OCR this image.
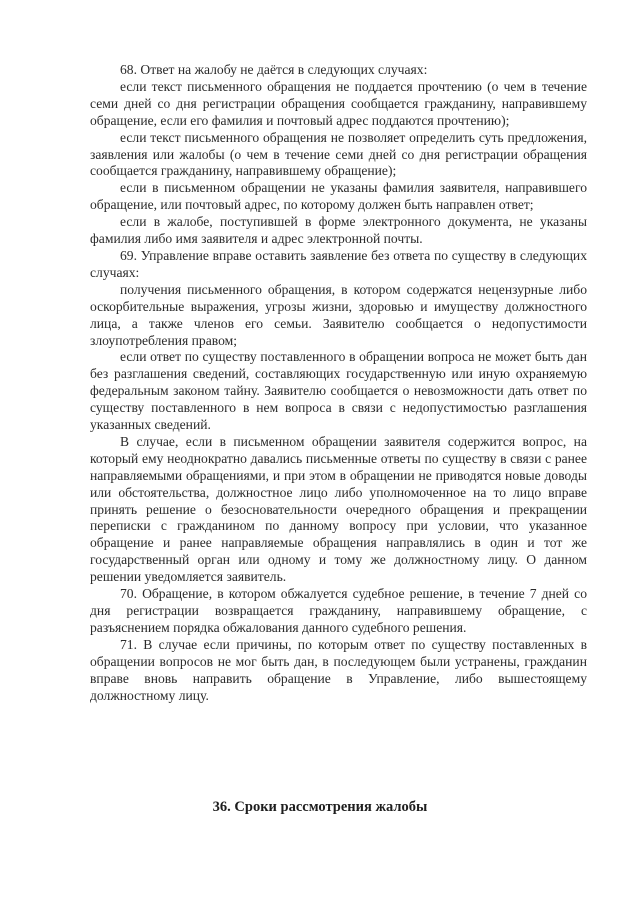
68. Ответ на жалобу не даётся в следующих случаях:

если текст письменного обращения не поддается прочтению (о чем в течение семи дней со дня регистрации обращения сообщается гражданину, направившему обращение, если его фамилия и почтовый адрес поддаются прочтению);

если текст письменного обращения не позволяет определить суть предложения, заявления или жалобы (о чем в течение семи дней со дня регистрации обращения сообщается гражданину, направившему обращение);

если в письменном обращении не указаны фамилия заявителя, направившего обращение, или почтовый адрес, по которому должен быть направлен ответ;

если в жалобе, поступившей в форме электронного документа, не указаны фамилия либо имя заявителя и адрес электронной почты.

69. Управление вправе оставить заявление без ответа по существу в следующих случаях:

получения письменного обращения, в котором содержатся нецензурные либо оскорбительные выражения, угрозы жизни, здоровью и имуществу должностного лица, а также членов его семьи. Заявителю сообщается о недопустимости злоупотребления правом;

если ответ по существу поставленного в обращении вопроса не может быть дан без разглашения сведений, составляющих государственную или иную охраняемую федеральным законом тайну. Заявителю сообщается о невозможности дать ответ по существу поставленного в нем вопроса в связи с недопустимостью разглашения указанных сведений.

В случае, если в письменном обращении заявителя содержится вопрос, на который ему неоднократно давались письменные ответы по существу в связи с ранее направляемыми обращениями, и при этом в обращении не приводятся новые доводы или обстоятельства, должностное лицо либо уполномоченное на то лицо вправе принять решение о безосновательности очередного обращения и прекращении переписки с гражданином по данному вопросу при условии, что указанное обращение и ранее направляемые обращения направлялись в один и тот же государственный орган или одному и тому же должностному лицу. О данном решении уведомляется заявитель.

70. Обращение, в котором обжалуется судебное решение, в течение 7 дней со дня регистрации возвращается гражданину, направившему обращение, с разъяснением порядка обжалования данного судебного решения.

71. В случае если причины, по которым ответ по существу поставленных в обращении вопросов не мог быть дан, в последующем были устранены, гражданин вправе вновь направить обращение в Управление, либо вышестоящему должностному лицу.

36. Сроки рассмотрения жалобы
